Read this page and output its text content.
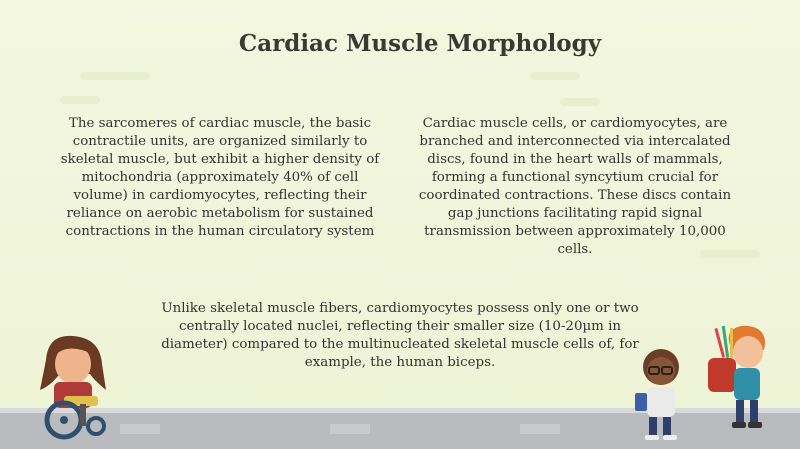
Cardiac Muscle Morphology
The sarcomeres of cardiac muscle, the basic contractile units, are organized similarly to skeletal muscle, but exhibit a higher density of mitochondria (approximately 40% of cell volume) in cardiomyocytes, reflecting their reliance on aerobic metabolism for sustained contractions in the human circulatory system
Cardiac muscle cells, or cardiomyocytes, are branched and interconnected via intercalated discs, found in the heart walls of mammals, forming a functional syncytium crucial for coordinated contractions. These discs contain gap junctions facilitating rapid signal transmission between approximately 10,000 cells.
Unlike skeletal muscle fibers, cardiomyocytes possess only one or two centrally located nuclei, reflecting their smaller size (10-20µm in diameter) compared to the multinucleated skeletal muscle cells of, for example, the human biceps.
